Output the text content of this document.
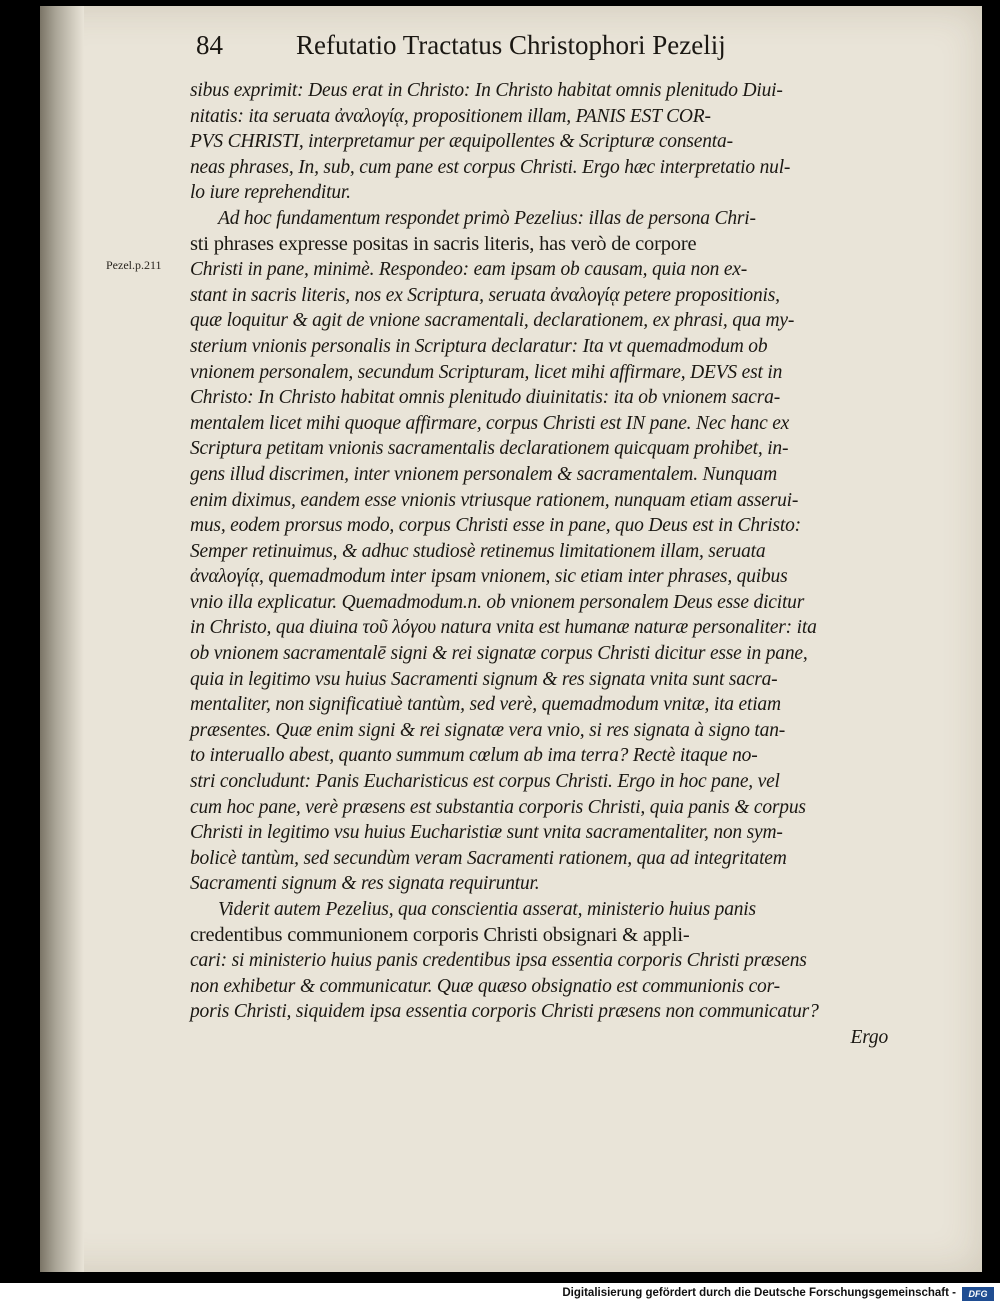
84	Refutatio Tractatus Christophori Pezelij
Pezel.p.211
sibus exprimit: Deus erat in Christo: In Christo habitat omnis plenitudo Diui-
nitatis: ita seruata ἀναλογίᾳ, propositionem illam, PANIS EST COR-
PVS CHRISTI, interpretamur per æquipollentes & Scripturæ consenta-
neas phrases, In, sub, cum pane est corpus Christi. Ergo hæc interpretatio nul-
lo iure reprehenditur.
Ad hoc fundamentum respondet primò Pezelius: illas de persona Chri-
sti phrases expresse positas in sacris literis, has verò de corpore
Christi in pane, minimè. Respondeo: eam ipsam ob causam, quia non ex-
stant in sacris literis, nos ex Scriptura, seruata ἀναλογίᾳ petere propositionis,
quæ loquitur & agit de vnione sacramentali, declarationem, ex phrasi, qua my-
sterium vnionis personalis in Scriptura declaratur: Ita vt quemadmodum ob
vnionem personalem, secundum Scripturam, licet mihi affirmare, DEVS est in
Christo: In Christo habitat omnis plenitudo diuinitatis: ita ob vnionem sacra-
mentalem licet mihi quoque affirmare, corpus Christi est IN pane. Nec hanc ex
Scriptura petitam vnionis sacramentalis declarationem quicquam prohibet, in-
gens illud discrimen, inter vnionem personalem & sacramentalem. Nunquam
enim diximus, eandem esse vnionis vtriusque rationem, nunquam etiam asserui-
mus, eodem prorsus modo, corpus Christi esse in pane, quo Deus est in Christo:
Semper retinuimus, & adhuc studiosè retinemus limitationem illam, seruata
ἀναλογίᾳ, quemadmodum inter ipsam vnionem, sic etiam inter phrases, quibus
vnio illa explicatur. Quemadmodum.n. ob vnionem personalem Deus esse dicitur
in Christo, qua diuina τοῦ λόγου natura vnita est humanæ naturæ personaliter: ita
ob vnionem sacramentalē signi & rei signatæ corpus Christi dicitur esse in pane,
quia in legitimo vsu huius Sacramenti signum & res signata vnita sunt sacra-
mentaliter, non significatiuè tantùm, sed verè, quemadmodum vnitæ, ita etiam
præsentes. Quæ enim signi & rei signatæ vera vnio, si res signata à signo tan-
to interuallo abest, quanto summum cœlum ab ima terra? Rectè itaque no-
stri concludunt: Panis Eucharisticus est corpus Christi. Ergo in hoc pane, vel
cum hoc pane, verè præsens est substantia corporis Christi, quia panis & corpus
Christi in legitimo vsu huius Eucharistiæ sunt vnita sacramentaliter, non sym-
bolicè tantùm, sed secundùm veram Sacramenti rationem, qua ad integritatem
Sacramenti signum & res signata requiruntur.
Viderit autem Pezelius, qua conscientia asserat, ministerio huius panis
credentibus communionem corporis Christi obsignari & appli-
cari: si ministerio huius panis credentibus ipsa essentia corporis Christi præsens
non exhibetur & communicatur. Quæ quæso obsignatio est communionis cor-
poris Christi, siquidem ipsa essentia corporis Christi præsens non communicatur?
Ergo
Digitalisierung gefördert durch die Deutsche Forschungsgemeinschaft -	DFG
